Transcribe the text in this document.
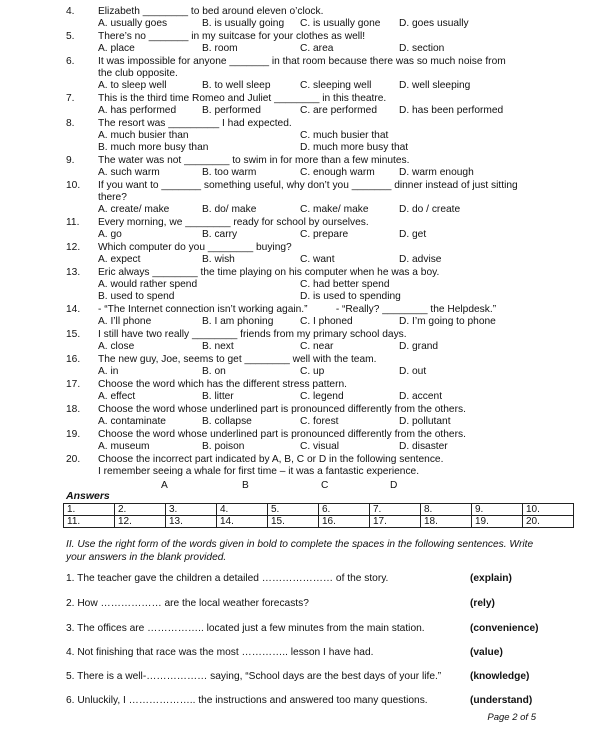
4. Elizabeth ________ to bed around eleven o’clock.
A. usually goes	B. is usually going C. is usually gone D. goes usually
5. There’s no _______ in my suitcase for your clothes as well!
A. place	B. room	C. area	D. section
6. It was impossible for anyone _______ in that room because there was so much noise from
the club opposite.
A. to sleep well	B. to well sleep	C. sleeping well	D. well sleeping
7. This is the third time Romeo and Juliet ________ in this theatre.
A. has performed	B. performed	C. are performed D. has been performed
8. The resort was _________ I had expected.
A. much busier than	C. much busier that
B. much more busy than	D. much more busy that
9. The water was not ________ to swim in for more than a few minutes.
A. such warm	B. too warm	C. enough warm D. warm enough
10. If you want to _______ something useful, why don’t you _______ dinner instead of just sitting
there?
A. create/ make	B. do/ make	C. make/ make	D. do / create
11. Every morning, we ________ ready for school by ourselves.
A. go	B. carry	C. prepare	D. get
12. Which computer do you ________ buying?
A. expect	B. wish	C. want	D. advise
13. Eric always ________ the time playing on his computer when he was a boy.
A. would rather spend	C. had better spend
B. used to spend	D. is used to spending
14. - “The Internet connection isn’t working again.”          - “Really? ________ the Helpdesk.”
A. I’ll phone	B. I am phoning	C. I phoned	D. I’m going to phone
15. I still have two really ________ friends from my primary school days.
A. close	B. next	C. near	D. grand
16. The new guy, Joe, seems to get ________ well with the team.
A. in	B. on	C. up	D. out
17. Choose the word which has the different stress pattern.
A. effect	B. litter	C. legend	D. accent
18. Choose the word whose underlined part is pronounced differently from the others.
A. contaminate	B. collapse	C. forest	D. pollutant
19. Choose the word whose underlined part is pronounced differently from the others.
A. museum	B. poison	C. visual	D. disaster
20. Choose the incorrect part indicated by A, B, C or D in the following sentence.
I remember seeing a whale for first time – it was a fantastic experience.
A	B	C	D
Answers
1.	2.	3.	4.	5.	6.	7.	8.	9.	10.
11.	12.	13.	14.	15.	16.	17.	18.	19.	20.
II. Use the right form of the words given in bold to complete the spaces in the following sentences. Write your answers in the blank provided.
1. The teacher gave the children a detailed ………………… of the story.	(explain)
2. How ……………… are the local weather forecasts?	(rely)
3. The offices are …………….. located just a few minutes from the main station.	(convenience)
4. Not finishing that race was the most ………….. lesson I have had.	(value)
5. There is a well-……………… saying, “School days are the best days of your life.”	(knowledge)
6. Unluckily, I ……………….. the instructions and answered too many questions.	(understand)
Page 2 of 5
